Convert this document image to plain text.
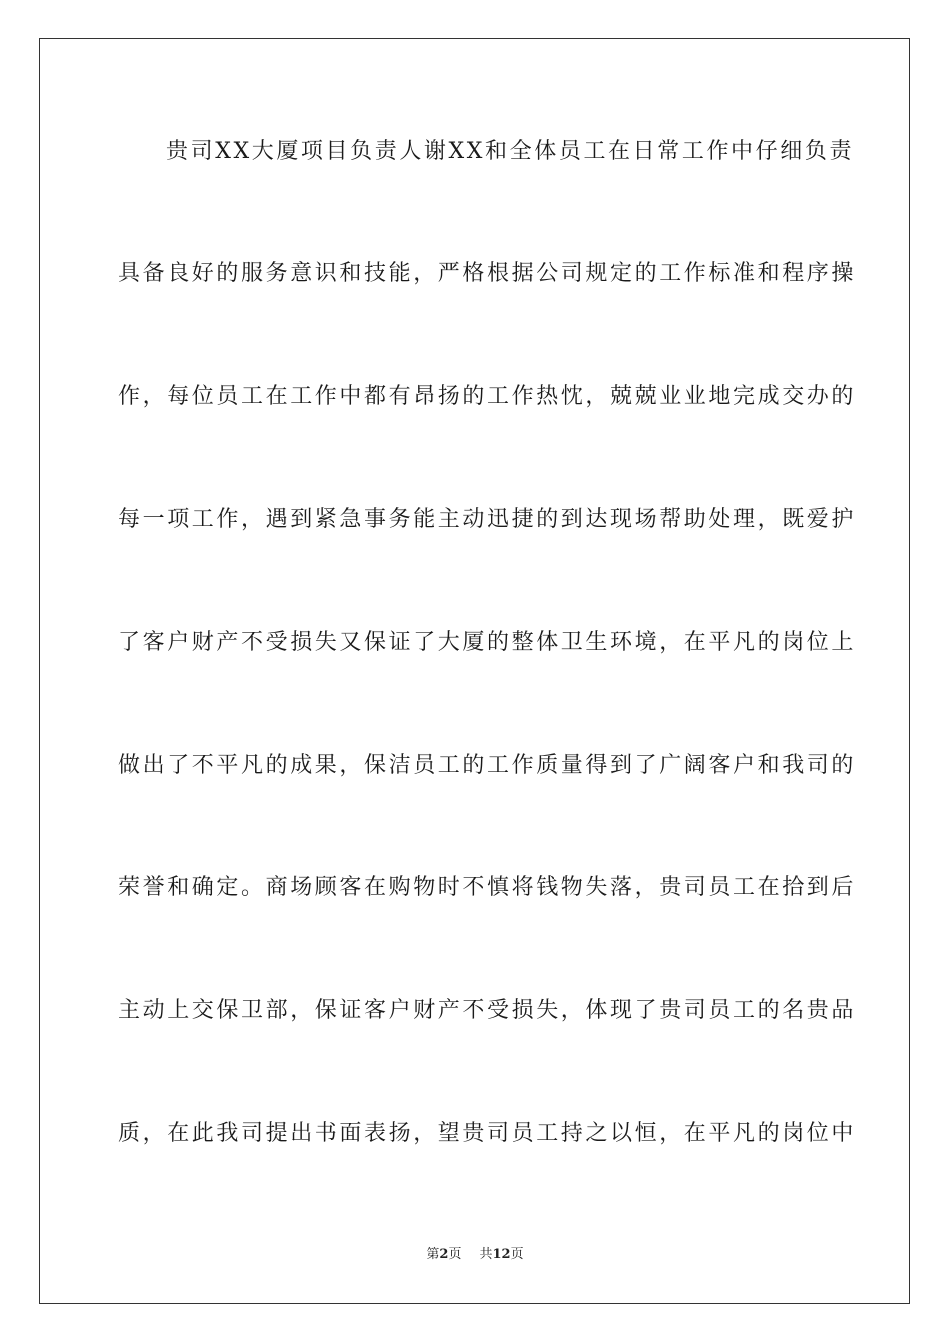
贵司XX大厦项目负责人谢XX和全体员工在日常工作中仔细负责
具备良好的服务意识和技能，严格根据公司规定的工作标准和程序操
作，每位员工在工作中都有昂扬的工作热忱，兢兢业业地完成交办的
每一项工作，遇到紧急事务能主动迅捷的到达现场帮助处理，既爱护
了客户财产不受损失又保证了大厦的整体卫生环境，在平凡的岗位上
做出了不平凡的成果，保洁员工的工作质量得到了广阔客户和我司的
荣誉和确定。商场顾客在购物时不慎将钱物失落，贵司员工在拾到后
主动上交保卫部，保证客户财产不受损失，体现了贵司员工的名贵品
质，在此我司提出书面表扬，望贵司员工持之以恒，在平凡的岗位中
第2页 共12页
